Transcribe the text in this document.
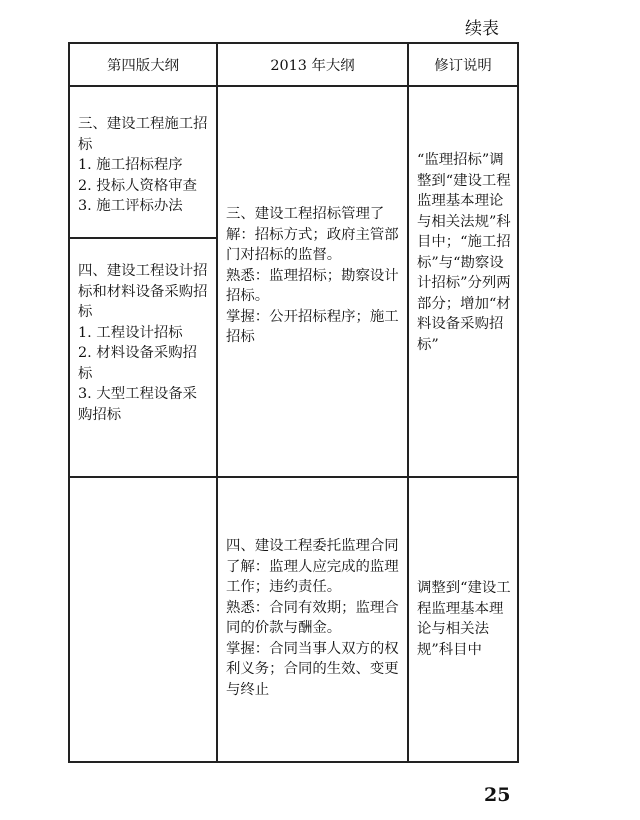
续表
第四版大纲	2013 年大纲	修订说明

三、建设工程施工招标

1. 施工招标程序

2. 投标人资格审查

3. 施工评标办法

四、建设工程设计招标和材料设备采购招标

1. 工程设计招标

2. 材料设备采购招标

3. 大型工程设备采购招标

三、建设工程招标管理了解：招标方式；政府主管部门对招标的监督。

熟悉：监理招标；勘察设计招标。

掌握：公开招标程序；施工招标

“监理招标”调整到“建设工程监理基本理论与相关法规”科目中；“施工招标”与“勘察设计招标”分列两部分；增加“材料设备采购招标”

四、建设工程委托监理合同了解：监理人应完成的监理工作；违约责任。

熟悉：合同有效期；监理合同的价款与酬金。

掌握：合同当事人双方的权利义务；合同的生效、变更与终止

调整到“建设工程监理基本理论与相关法规”科目中

25
